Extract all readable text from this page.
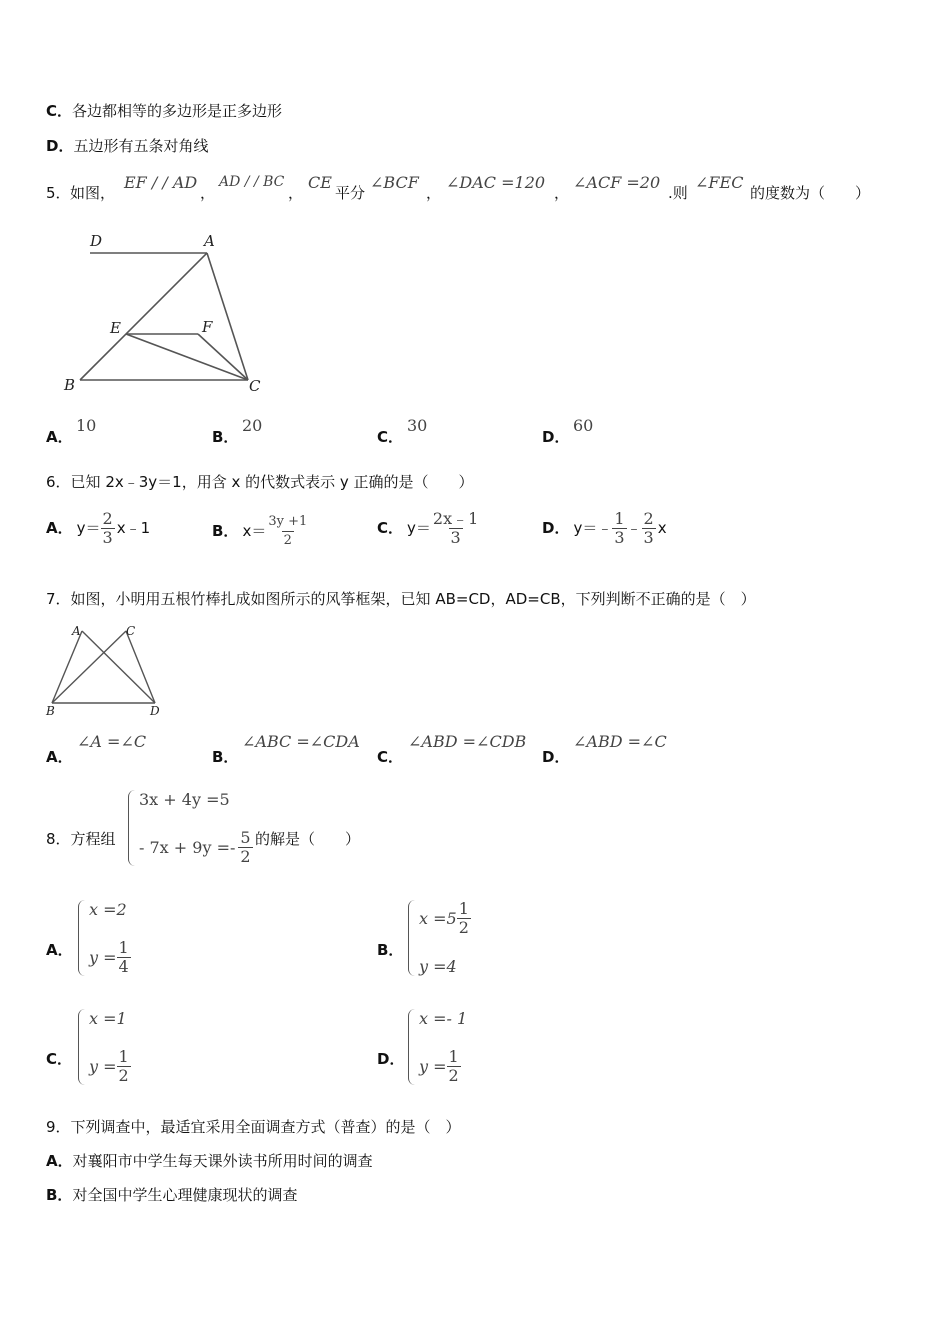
C．各边都相等的多边形是正多边形
D．五边形有五条对角线
5． 如图，
EF / / AD
，
AD / / BC
，
CE
平分
∠BCF
，
∠DAC =120
，
∠ACF =20
.则
∠FEC
的度数为（　　）
D	A
E	F
B	C
A．
10
B．
20
C．
30
D．
60
6．已知 2x﹣3y＝1，用含 x 的代数式表示 y 正确的是（　　）
A． $y= \frac{2}{3}$ x﹣1	B． $x= \frac{3y +1}{2}$	C． $y= \frac{2x﹣1}{3}$	D． y＝﹣ $\frac{1}{3}$ ﹣ $\frac{2}{3}$ x
7．如图，小明用五根竹棒扎成如图所示的风筝框架，已知 AB=CD，AD=CB，下列判断不正确的是（　）
A	C
B	D
A．
∠A =∠C
B．
∠ABC =∠CDA
C．
∠ABD =∠CDB
D．
∠ABD =∠C
8．方程组
3x + 4y =5
- $7x + 9y =- \frac{5}{2}$ 的解是（　　）
A．
x =2
$y = \frac{1}{4}$	B．
$x =5 \frac{1}{2}$
y =4
C．
x =1
$y = \frac{1}{2}$	D．
x =- 1
$y = \frac{1}{2}$
9．下列调查中，最适宜采用全面调查方式（普查）的是（　）
A．对襄阳市中学生每天课外读书所用时间的调查
B．对全国中学生心理健康现状的调查
